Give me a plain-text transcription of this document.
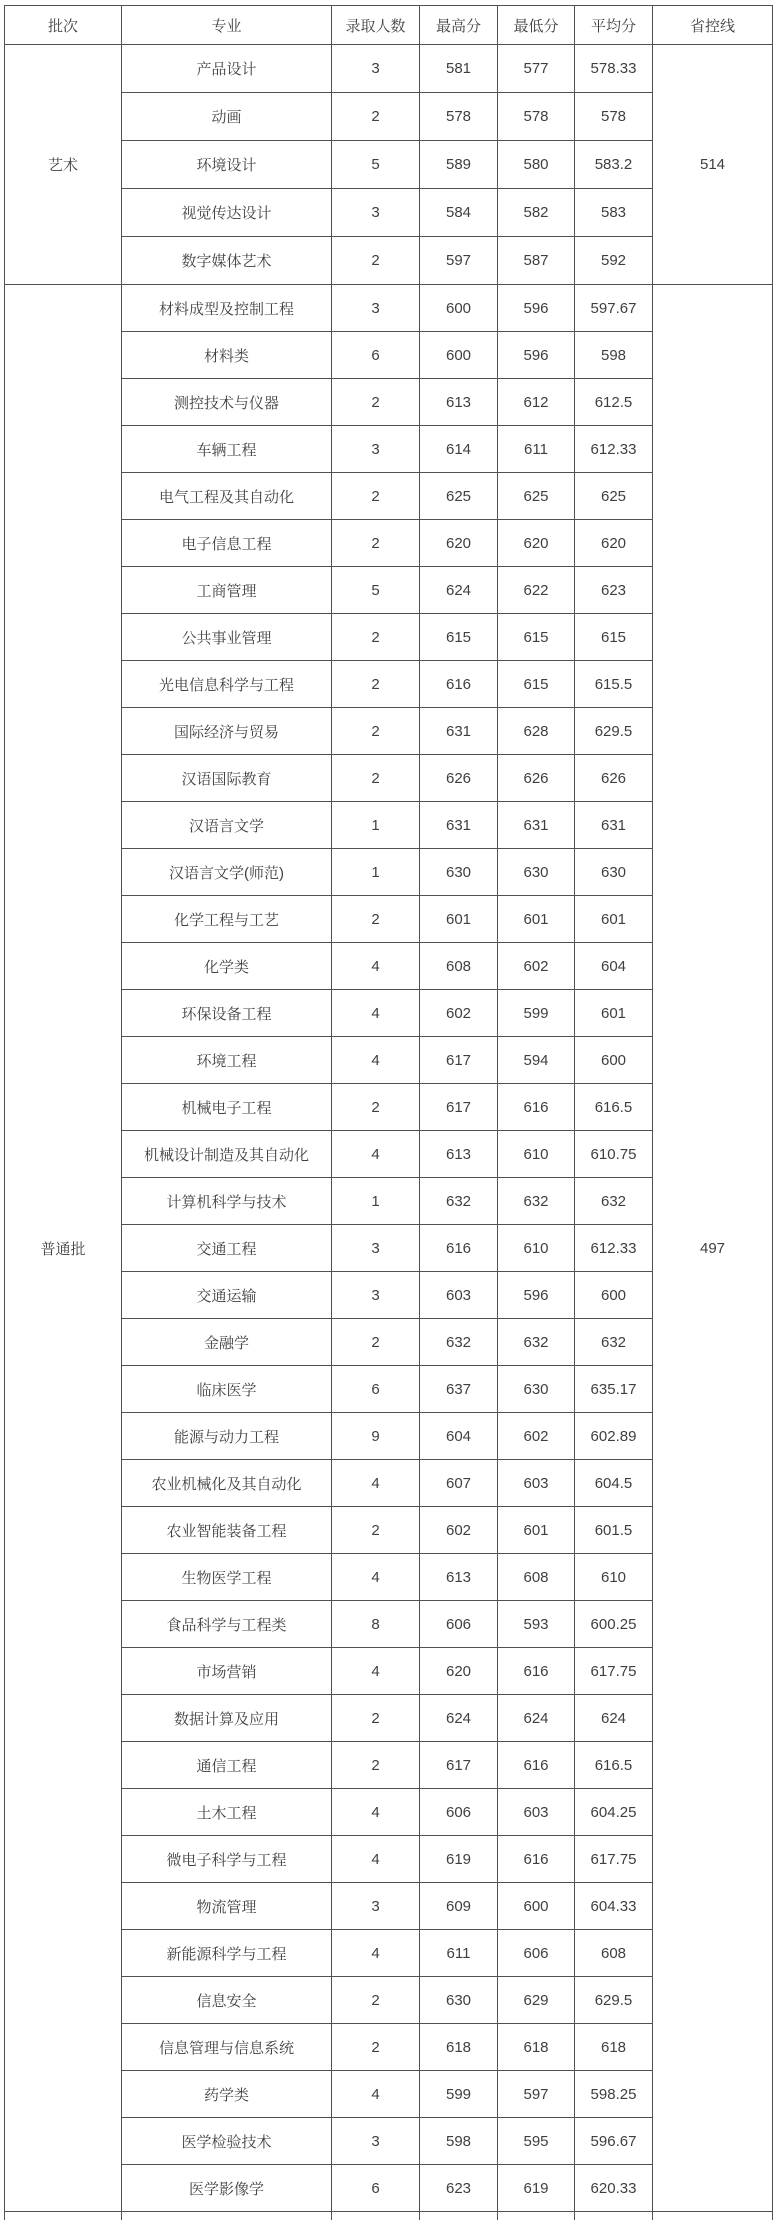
批次	专业	录取人数	最高分	最低分	平均分	省控线
艺术	产品设计	3	581	577	578.33	514
	动画	2	578	578	578	
	环境设计	5	589	580	583.2	
	视觉传达设计	3	584	582	583	
	数字媒体艺术	2	597	587	592	
普通批	材料成型及控制工程	3	600	596	597.67	497
	材料类	6	600	596	598	
	测控技术与仪器	2	613	612	612.5	
	车辆工程	3	614	611	612.33	
	电气工程及其自动化	2	625	625	625	
	电子信息工程	2	620	620	620	
	工商管理	5	624	622	623	
	公共事业管理	2	615	615	615	
	光电信息科学与工程	2	616	615	615.5	
	国际经济与贸易	2	631	628	629.5	
	汉语国际教育	2	626	626	626	
	汉语言文学	1	631	631	631	
	汉语言文学(师范)	1	630	630	630	
	化学工程与工艺	2	601	601	601	
	化学类	4	608	602	604	
	环保设备工程	4	602	599	601	
	环境工程	4	617	594	600	
	机械电子工程	2	617	616	616.5	
	机械设计制造及其自动化	4	613	610	610.75	
	计算机科学与技术	1	632	632	632	
	交通工程	3	616	610	612.33	
	交通运输	3	603	596	600	
	金融学	2	632	632	632	
	临床医学	6	637	630	635.17	
	能源与动力工程	9	604	602	602.89	
	农业机械化及其自动化	4	607	603	604.5	
	农业智能装备工程	2	602	601	601.5	
	生物医学工程	4	613	608	610	
	食品科学与工程类	8	606	593	600.25	
	市场营销	4	620	616	617.75	
	数据计算及应用	2	624	624	624	
	通信工程	2	617	616	616.5	
	土木工程	4	606	603	604.25	
	微电子科学与工程	4	619	616	617.75	
	物流管理	3	609	600	604.33	
	新能源科学与工程	4	611	606	608	
	信息安全	2	630	629	629.5	
	信息管理与信息系统	2	618	618	618	
	药学类	4	599	597	598.25	
	医学检验技术	3	598	595	596.67	
	医学影像学	6	623	619	620.33	
